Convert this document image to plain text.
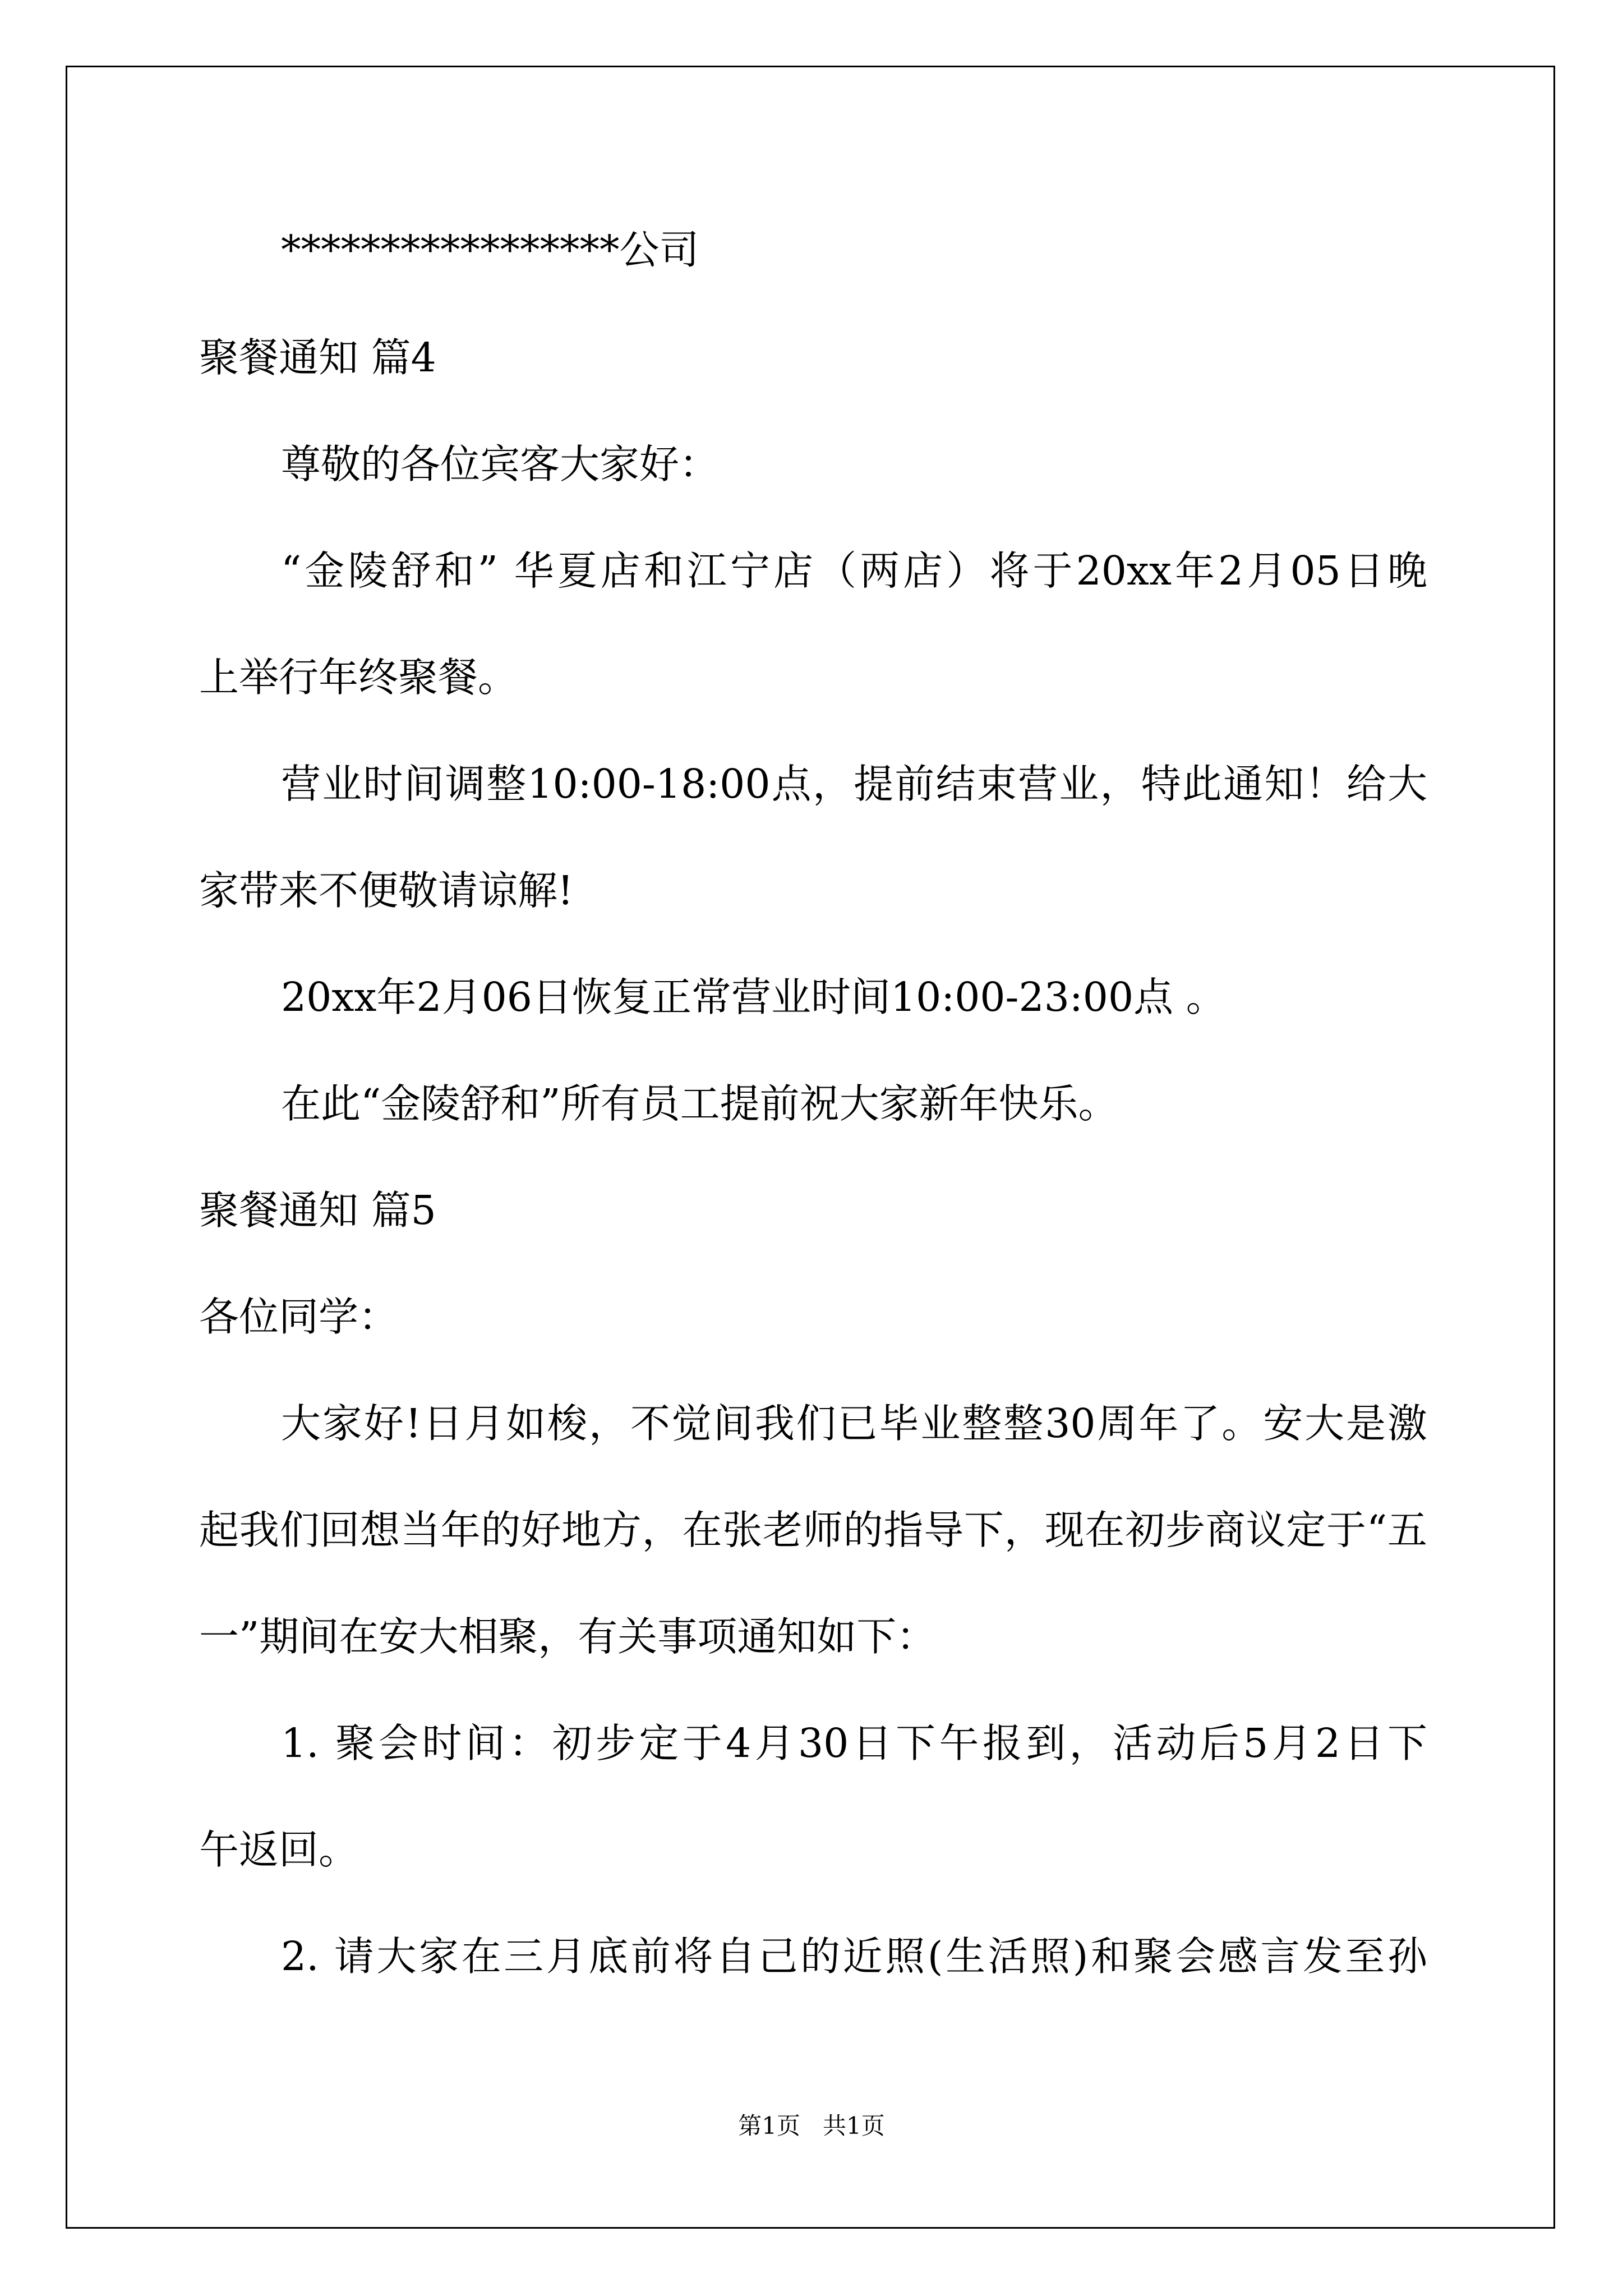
*****************公司
聚餐通知 篇4
尊敬的各位宾客大家好：
“金陵舒和” 华夏店和江宁店（两店）将于20xx年2月05日晚
上举行年终聚餐。
营业时间调整10:00-18:00点，提前结束营业，特此通知！给大
家带来不便敬请谅解!
20xx年2月06日恢复正常营业时间10:00-23:00点 。
在此“金陵舒和”所有员工提前祝大家新年快乐。
聚餐通知 篇5
各位同学：
大家好!日月如梭，不觉间我们已毕业整整30周年了。安大是激
起我们回想当年的好地方，在张老师的指导下，现在初步商议定于“五
一”期间在安大相聚，有关事项通知如下：
1. 聚会时间：初步定于4月30日下午报到，活动后5月2日下
午返回。
2. 请大家在三月底前将自己的近照(生活照)和聚会感言发至孙
第1页   共1页
